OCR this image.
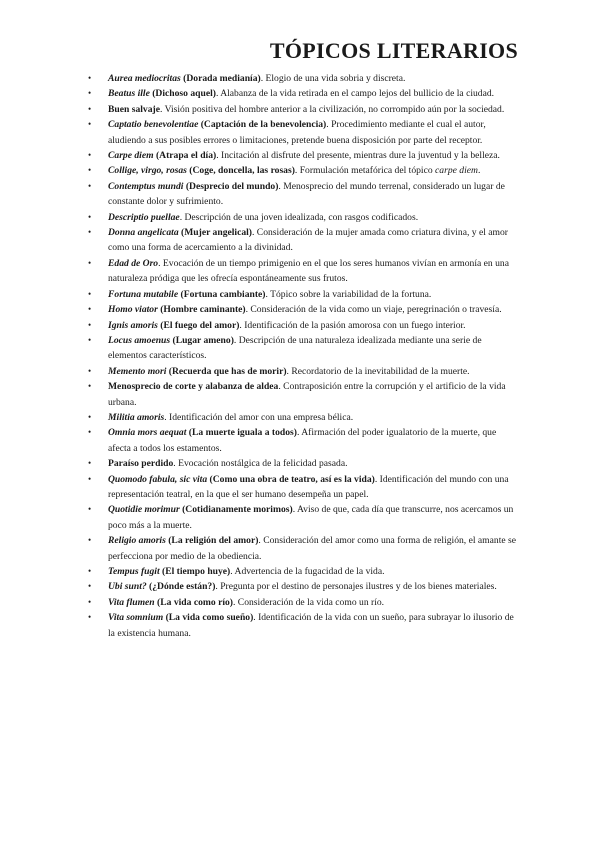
TÓPICOS LITERARIOS
• Aurea mediocritas (Dorada medianía). Elogio de una vida sobria y discreta.
• Beatus ille (Dichoso aquel). Alabanza de la vida retirada en el campo lejos del bullicio de la ciudad.
• Buen salvaje. Visión positiva del hombre anterior a la civilización, no corrompido aún por la sociedad.
• Captatio benevolentiae (Captación de la benevolencia). Procedimiento mediante el cual el autor, aludiendo a sus posibles errores o limitaciones, pretende buena disposición por parte del receptor.
• Carpe diem (Atrapa el día). Incitación al disfrute del presente, mientras dure la juventud y la belleza.
• Collige, virgo, rosas (Coge, doncella, las rosas). Formulación metafórica del tópico carpe diem.
• Contemptus mundi (Desprecio del mundo). Menosprecio del mundo terrenal, considerado un lugar de constante dolor y sufrimiento.
• Descriptio puellae. Descripción de una joven idealizada, con rasgos codificados.
• Donna angelicata (Mujer angelical). Consideración de la mujer amada como criatura divina, y el amor como una forma de acercamiento a la divinidad.
• Edad de Oro. Evocación de un tiempo primigenio en el que los seres humanos vivían en armonía en una naturaleza pródiga que les ofrecía espontáneamente sus frutos.
• Fortuna mutabile (Fortuna cambiante). Tópico sobre la variabilidad de la fortuna.
• Homo viator (Hombre caminante). Consideración de la vida como un viaje, peregrinación o travesía.
• Ignis amoris (El fuego del amor). Identificación de la pasión amorosa con un fuego interior.
• Locus amoenus (Lugar ameno). Descripción de una naturaleza idealizada mediante una serie de elementos característicos.
• Memento mori (Recuerda que has de morir). Recordatorio de la inevitabilidad de la muerte.
• Menosprecio de corte y alabanza de aldea. Contraposición entre la corrupción y el artificio de la vida urbana.
• Militia amoris. Identificación del amor con una empresa bélica.
• Omnia mors aequat (La muerte iguala a todos). Afirmación del poder igualatorio de la muerte, que afecta a todos los estamentos.
• Paraíso perdido. Evocación nostálgica de la felicidad pasada.
• Quomodo fabula, sic vita (Como una obra de teatro, así es la vida). Identificación del mundo con una representación teatral, en la que el ser humano desempeña un papel.
• Quotidie morimur (Cotidianamente morimos). Aviso de que, cada día que transcurre, nos acercamos un poco más a la muerte.
• Religio amoris (La religión del amor). Consideración del amor como una forma de religión, el amante se perfecciona por medio de la obediencia.
• Tempus fugit (El tiempo huye). Advertencia de la fugacidad de la vida.
• Ubi sunt? (¿Dónde están?). Pregunta por el destino de personajes ilustres y de los bienes materiales.
• Vita flumen (La vida como río). Consideración de la vida como un río.
• Vita somnium (La vida como sueño). Identificación de la vida con un sueño, para subrayar lo ilusorio de la existencia humana.
